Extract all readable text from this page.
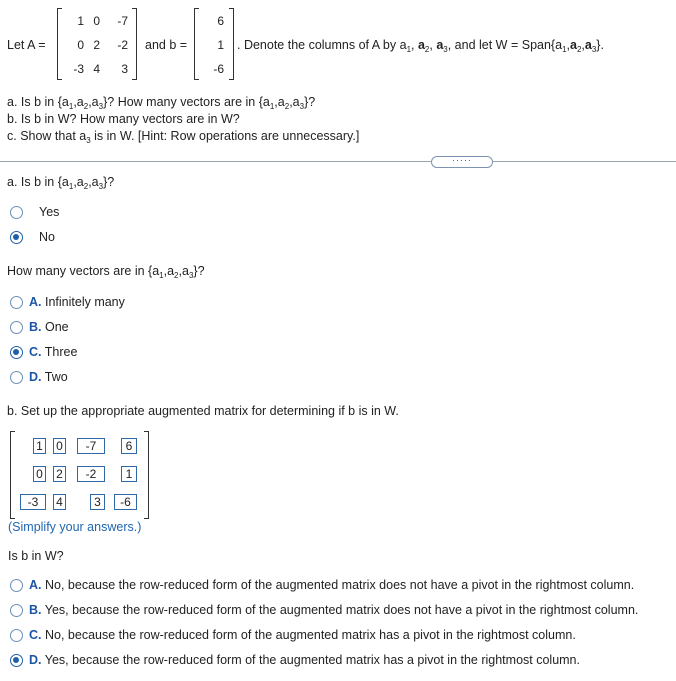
Let A =
1 0	-7
0 2	-2
-3 4	3
and b =
6
1
-6
. Denote the columns of A by $a_1$, $a_2$, $a_3$, and let $W = Span\{a_1,a_2,a_3\}$.
a. Is b in $\{a_1,a_2,a_3\}$? How many vectors are in $\{a_1,a_2,a_3\}$?
b. Is b in W? How many vectors are in W?
c. Show that $a_3$ is in W. [Hint: Row operations are unnecessary.]
·····
a. Is b in $\{a_1,a_2,a_3\}$?
Yes
No
How many vectors are in $\{a_1,a_2,a_3\}$?
A. Infinitely many
B. One
C. Three
D. Two
b. Set up the appropriate augmented matrix for determining if b is in W.
1 0	-7	6
0 2	-2	1
-3	4	3	-6
(Simplify your answers.)
Is b in W?
A. No, because the row-reduced form of the augmented matrix does not have a pivot in the rightmost column.
B. Yes, because the row-reduced form of the augmented matrix does not have a pivot in the rightmost column.
C. No, because the row-reduced form of the augmented matrix has a pivot in the rightmost column.
D. Yes, because the row-reduced form of the augmented matrix has a pivot in the rightmost column.
